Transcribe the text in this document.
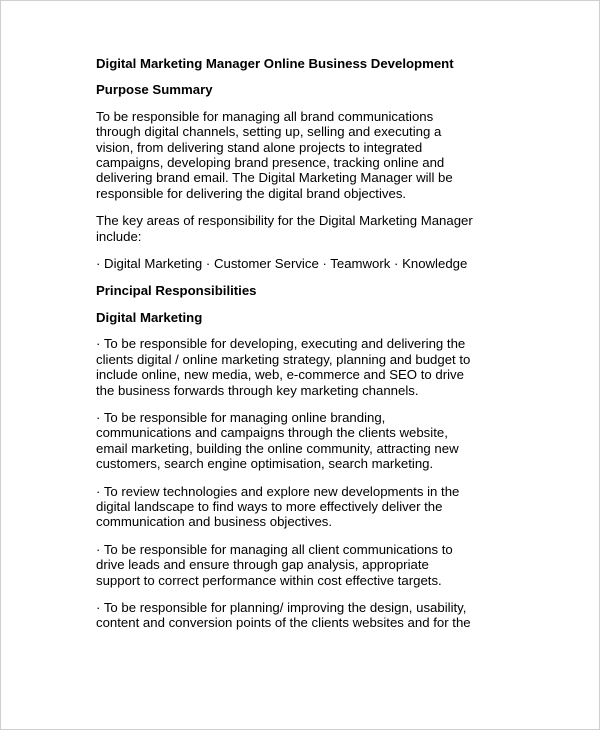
Digital Marketing Manager Online Business Development
Purpose Summary
To be responsible for managing all brand communications
through digital channels, setting up, selling and executing a
vision, from delivering stand alone projects to integrated
campaigns, developing brand presence, tracking online and
delivering brand email. The Digital Marketing Manager will be
responsible for delivering the digital brand objectives.
The key areas of responsibility for the Digital Marketing Manager
include:
· Digital Marketing · Customer Service · Teamwork · Knowledge
Principal Responsibilities
Digital Marketing
· To be responsible for developing, executing and delivering the
clients digital / online marketing strategy, planning and budget to
include online, new media, web, e-commerce and SEO to drive
the business forwards through key marketing channels.
· To be responsible for managing online branding,
communications and campaigns through the clients website,
email marketing, building the online community, attracting new
customers, search engine optimisation, search marketing.
· To review technologies and explore new developments in the
digital landscape to find ways to more effectively deliver the
communication and business objectives.
· To be responsible for managing all client communications to
drive leads and ensure through gap analysis, appropriate
support to correct performance within cost effective targets.
· To be responsible for planning/ improving the design, usability,
content and conversion points of the clients websites and for the
